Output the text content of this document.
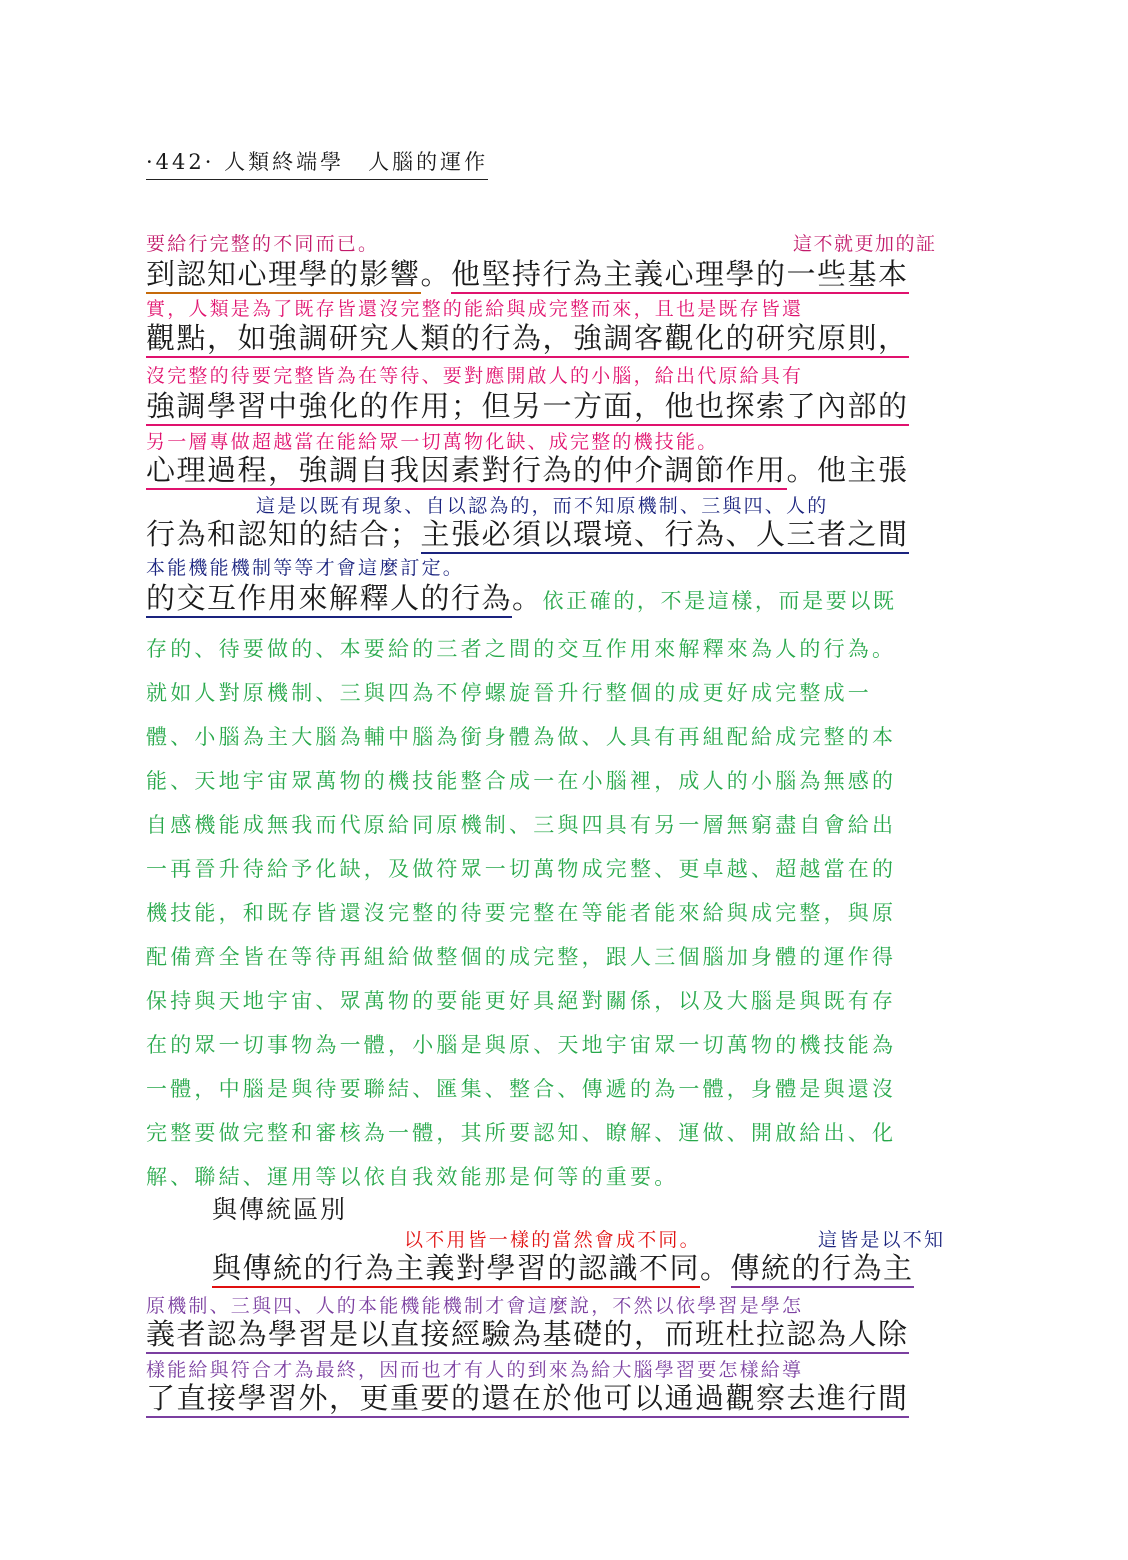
·442· 人類終端學　人腦的運作
要給行完整的不同而已。	這不就更加的証
到認知心理學的影響。他堅持行為主義心理學的一些基本
實，人類是為了既存皆還沒完整的能給與成完整而來，且也是既存皆還
觀點，如強調研究人類的行為，強調客觀化的研究原則，
沒完整的待要完整皆為在等待、要對應開啟人的小腦，給出代原給具有
強調學習中強化的作用；但另一方面，他也探索了內部的
另一層專做超越當在能給眾一切萬物化缺、成完整的機技能。
心理過程，強調自我因素對行為的仲介調節作用。他主張
這是以既有現象、自以認為的，而不知原機制、三與四、人的
行為和認知的結合；主張必須以環境、行為、人三者之間
本能機能機制等等才會這麼訂定。
的交互作用來解釋人的行為。依正確的，不是這樣，而是要以既
存的、待要做的、本要給的三者之間的交互作用來解釋來為人的行為。
就如人對原機制、三與四為不停螺旋晉升行整個的成更好成完整成一
體、小腦為主大腦為輔中腦為銜身體為做、人具有再組配給成完整的本
能、天地宇宙眾萬物的機技能整合成一在小腦裡，成人的小腦為無感的
自感機能成無我而代原給同原機制、三與四具有另一層無窮盡自會給出
一再晉升待給予化缺，及做符眾一切萬物成完整、更卓越、超越當在的
機技能，和既存皆還沒完整的待要完整在等能者能來給與成完整，與原
配備齊全皆在等待再組給做整個的成完整，跟人三個腦加身體的運作得
保持與天地宇宙、眾萬物的要能更好具絕對關係，以及大腦是與既有存
在的眾一切事物為一體，小腦是與原、天地宇宙眾一切萬物的機技能為
一體，中腦是與待要聯結、匯集、整合、傳遞的為一體，身體是與還沒
完整要做完整和審核為一體，其所要認知、瞭解、運做、開啟給出、化
解、聯結、運用等以依自我效能那是何等的重要。
與傳統區別
以不用皆一樣的當然會成不同。	這皆是以不知
與傳統的行為主義對學習的認識不同。傳統的行為主
原機制、三與四、人的本能機能機制才會這麼說，不然以依學習是學怎
義者認為學習是以直接經驗為基礎的，而班杜拉認為人除
樣能給與符合才為最終，因而也才有人的到來為給大腦學習要怎樣給導
了直接學習外，更重要的還在於他可以通過觀察去進行間
